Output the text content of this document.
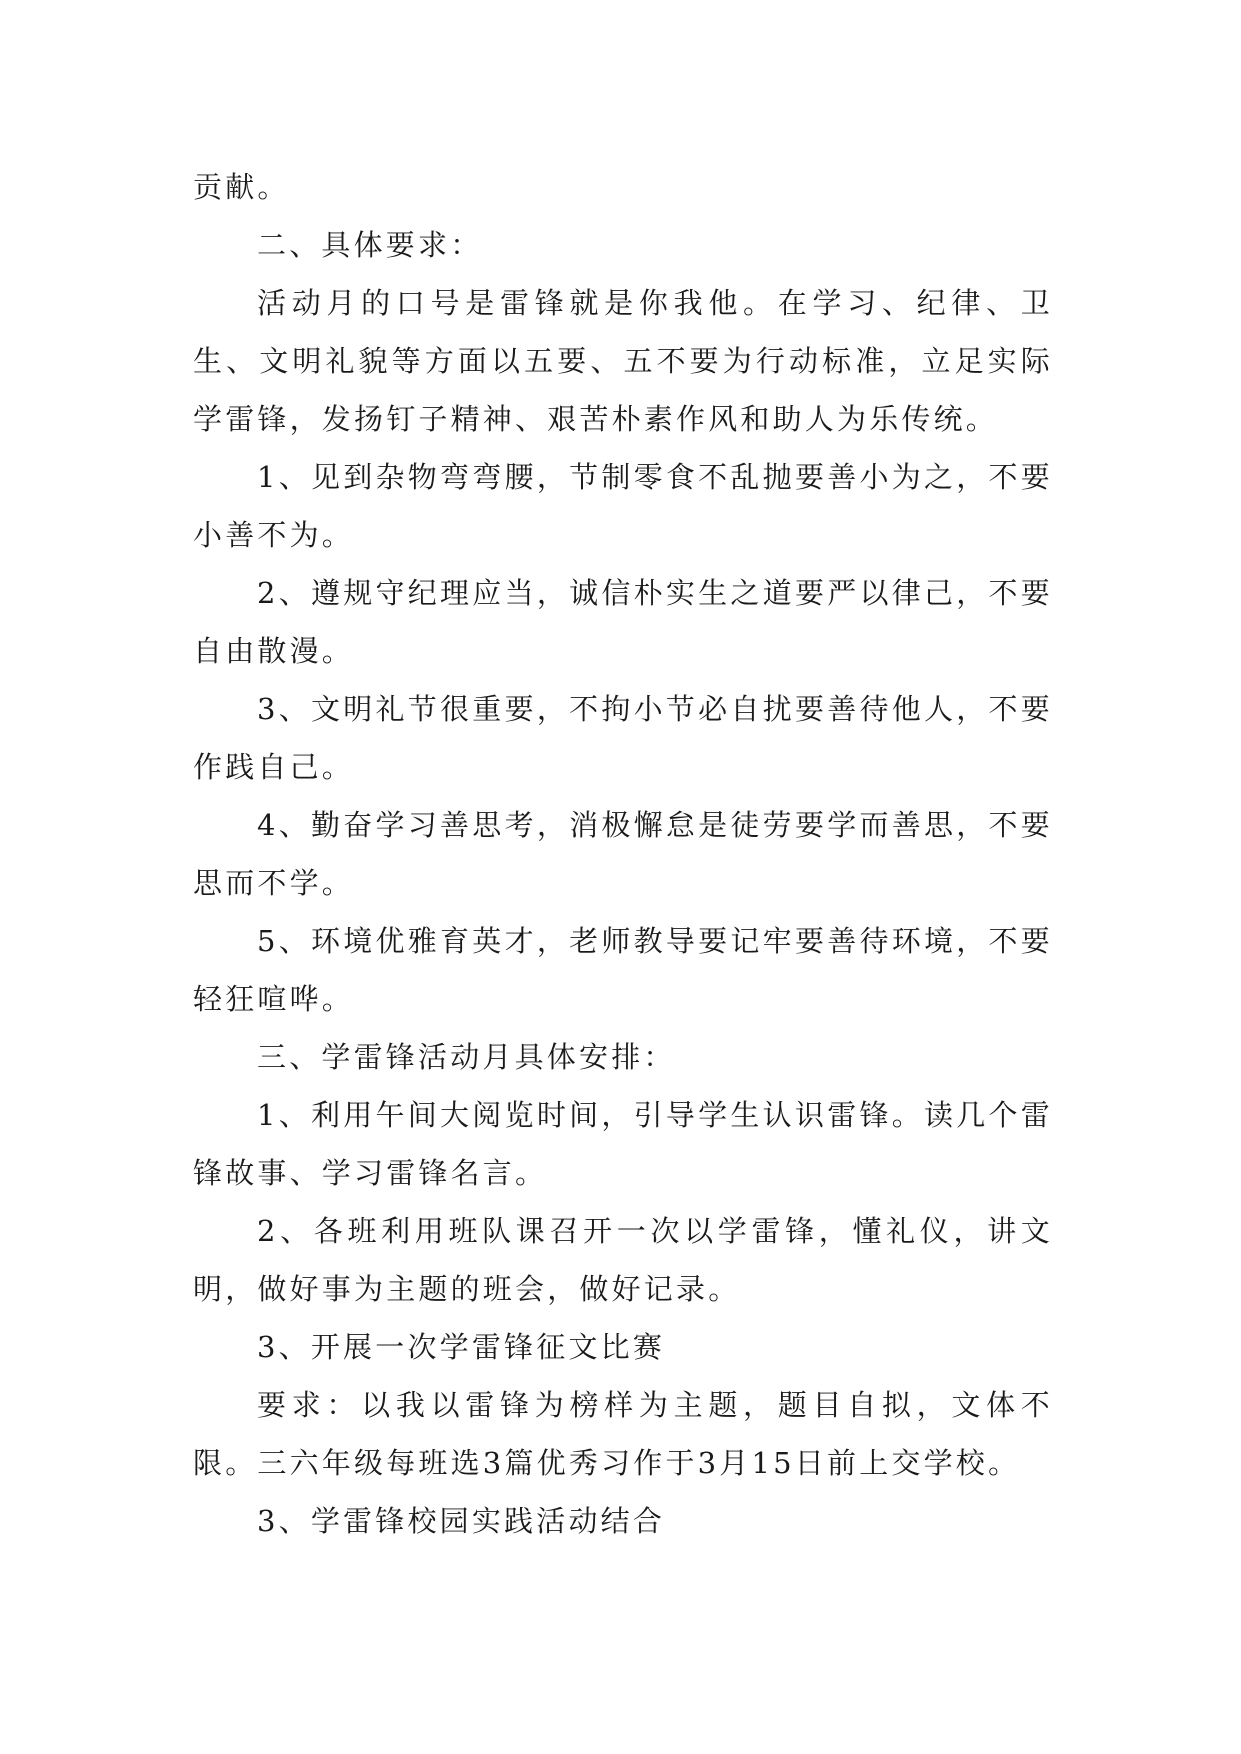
贡献。

二、具体要求：

活动月的口号是雷锋就是你我他。在学习、纪律、卫生、文明礼貌等方面以五要、五不要为行动标准，立足实际学雷锋，发扬钉子精神、艰苦朴素作风和助人为乐传统。

1、见到杂物弯弯腰，节制零食不乱抛要善小为之，不要小善不为。

2、遵规守纪理应当，诚信朴实生之道要严以律己，不要自由散漫。

3、文明礼节很重要，不拘小节必自扰要善待他人，不要作践自己。

4、勤奋学习善思考，消极懈怠是徒劳要学而善思，不要思而不学。

5、环境优雅育英才，老师教导要记牢要善待环境，不要轻狂喧哗。

三、学雷锋活动月具体安排：

1、利用午间大阅览时间，引导学生认识雷锋。读几个雷锋故事、学习雷锋名言。

2、各班利用班队课召开一次以学雷锋，懂礼仪，讲文明，做好事为主题的班会，做好记录。

3、开展一次学雷锋征文比赛

要求：以我以雷锋为榜样为主题，题目自拟，文体不限。三六年级每班选3篇优秀习作于3月15日前上交学校。

3、学雷锋校园实践活动结合
